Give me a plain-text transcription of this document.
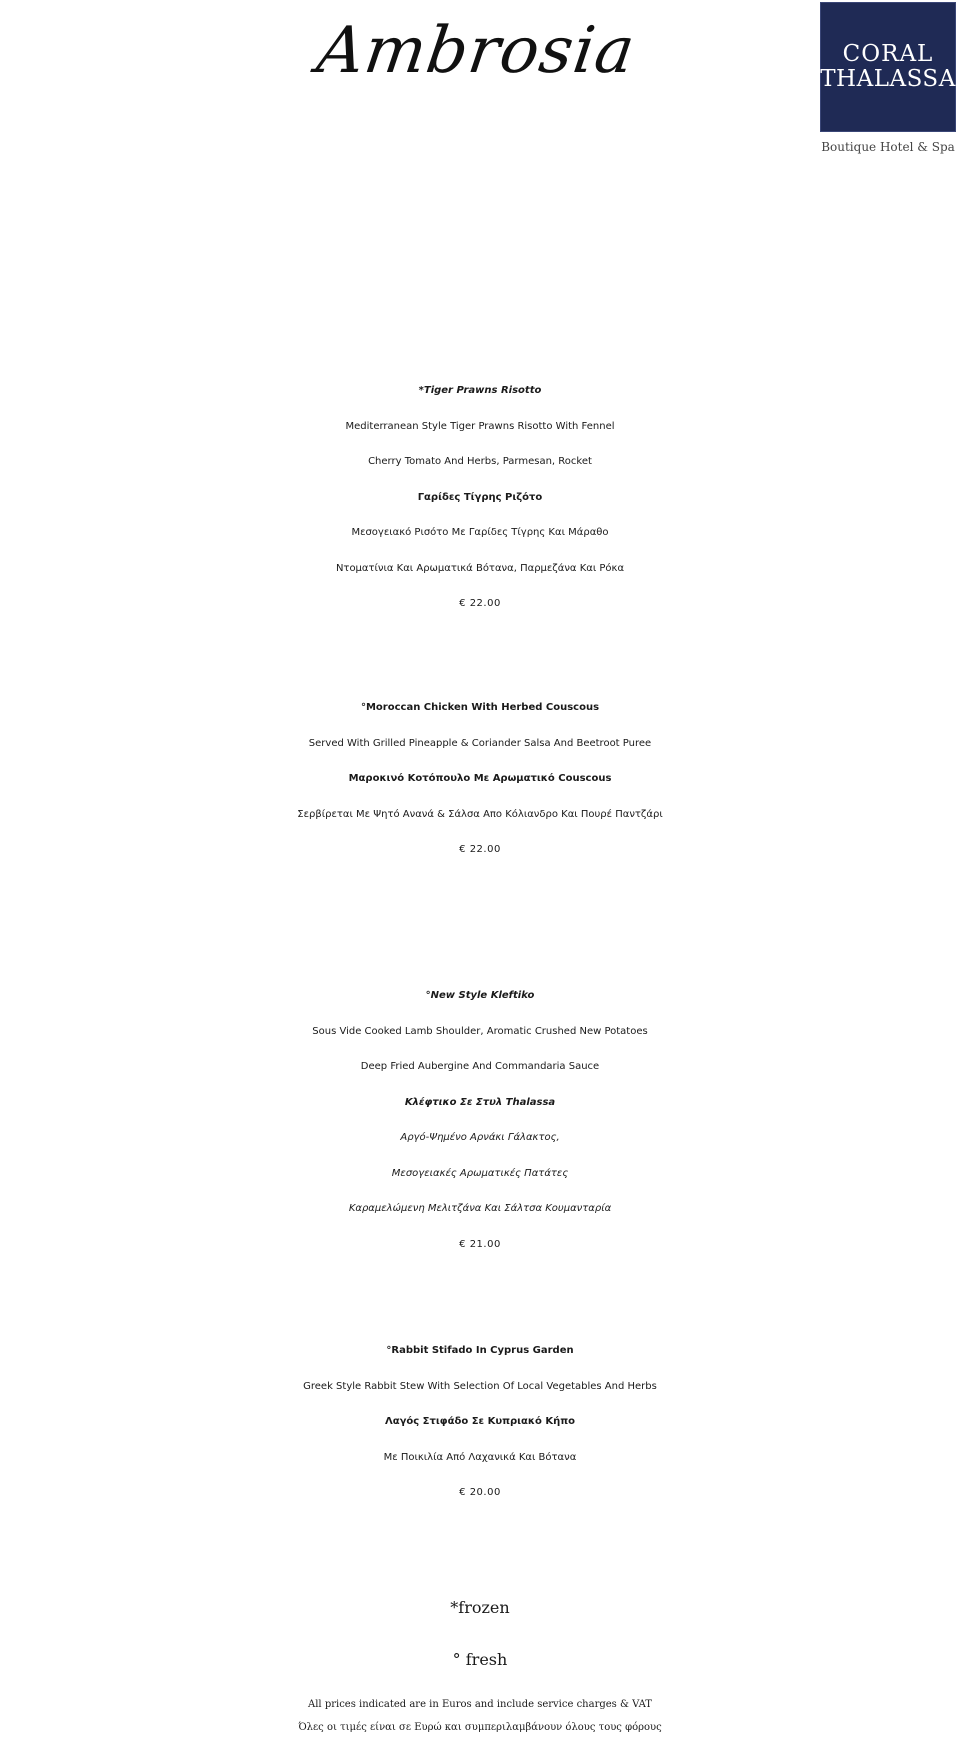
Ambrosia	CORAL
THALASSA
Boutique Hotel & Spa

*Tiger Prawns Risotto

Mediterranean Style Tiger Prawns Risotto With Fennel

Cherry Tomato And Herbs, Parmesan, Rocket

Γαρίδες Τίγρης Ριζότο

Μεσογειακό Ρισότο Με Γαρίδες Τίγρης Και Μάραθο

Ντοματίνια Και Αρωματικά Βότανα, Παρμεζάνα Και Ρόκα

€ 22.00

°Moroccan Chicken With Herbed Couscous

Served With Grilled Pineapple & Coriander Salsa And Beetroot Puree

Μαροκινό Κοτόπουλο Με Αρωματικό Couscous

Σερβίρεται Με Ψητό Ανανά & Σάλσα Απο Κόλιανδρο Και Πουρέ Παντζάρι

€ 22.00

°New Style Kleftiko

Sous Vide Cooked Lamb Shoulder, Aromatic Crushed New Potatoes

Deep Fried Aubergine And Commandaria Sauce

Κλέφτικο Σε Στυλ Thalassa

Αργό-Ψημένο Αρνάκι Γάλακτος,

Μεσογειακές Αρωματικές Πατάτες

Καραμελώμενη Μελιτζάνα Και Σάλτσα Κουμανταρία

€ 21.00

°Rabbit Stifado In Cyprus Garden

Greek Style Rabbit Stew With Selection Of Local Vegetables And Herbs

Λαγός Στιφάδο Σε Κυπριακό Κήπο

Με Ποικιλία Από Λαχανικά Και Βότανα

€ 20.00

*frozen

° fresh

All prices indicated are in Euros and include service charges & VAT

Όλες οι τιμές είναι σε Ευρώ και συμπεριλαμβάνουν όλους τους φόρους
